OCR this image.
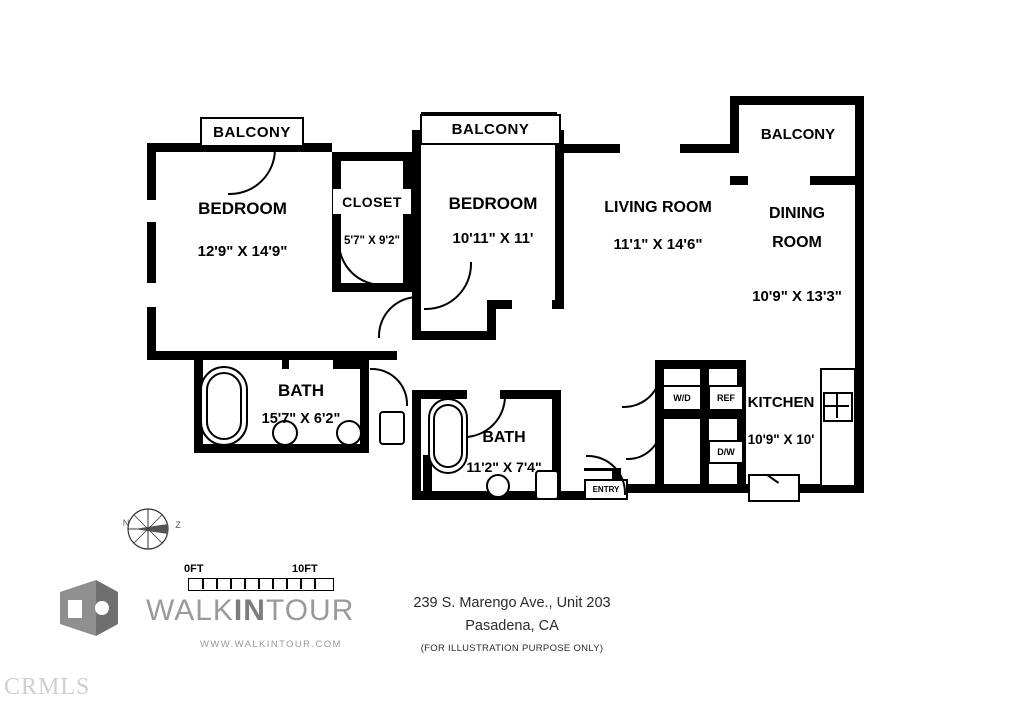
W/D	REF
D/W
ENTRY
BALCONY	BALCONY	BALCONY
BEDROOM
12'9" X 14'9"
CLOSET
5'7" X 9'2"
BEDROOM
10'11" X 11'
LIVING ROOM
11'1" X 14'6"
DINING
ROOM
10'9" X 13'3"
KITCHEN
10'9" X 10'
BATH
15'7" X 6'2"
BATH
11'2" X 7'4"
N	Z
0FT	10FT
WALKINTOUR
WWW.WALKINTOUR.COM
239 S. Marengo Ave., Unit 203
Pasadena, CA
(FOR ILLUSTRATION PURPOSE ONLY)
CRMLS
